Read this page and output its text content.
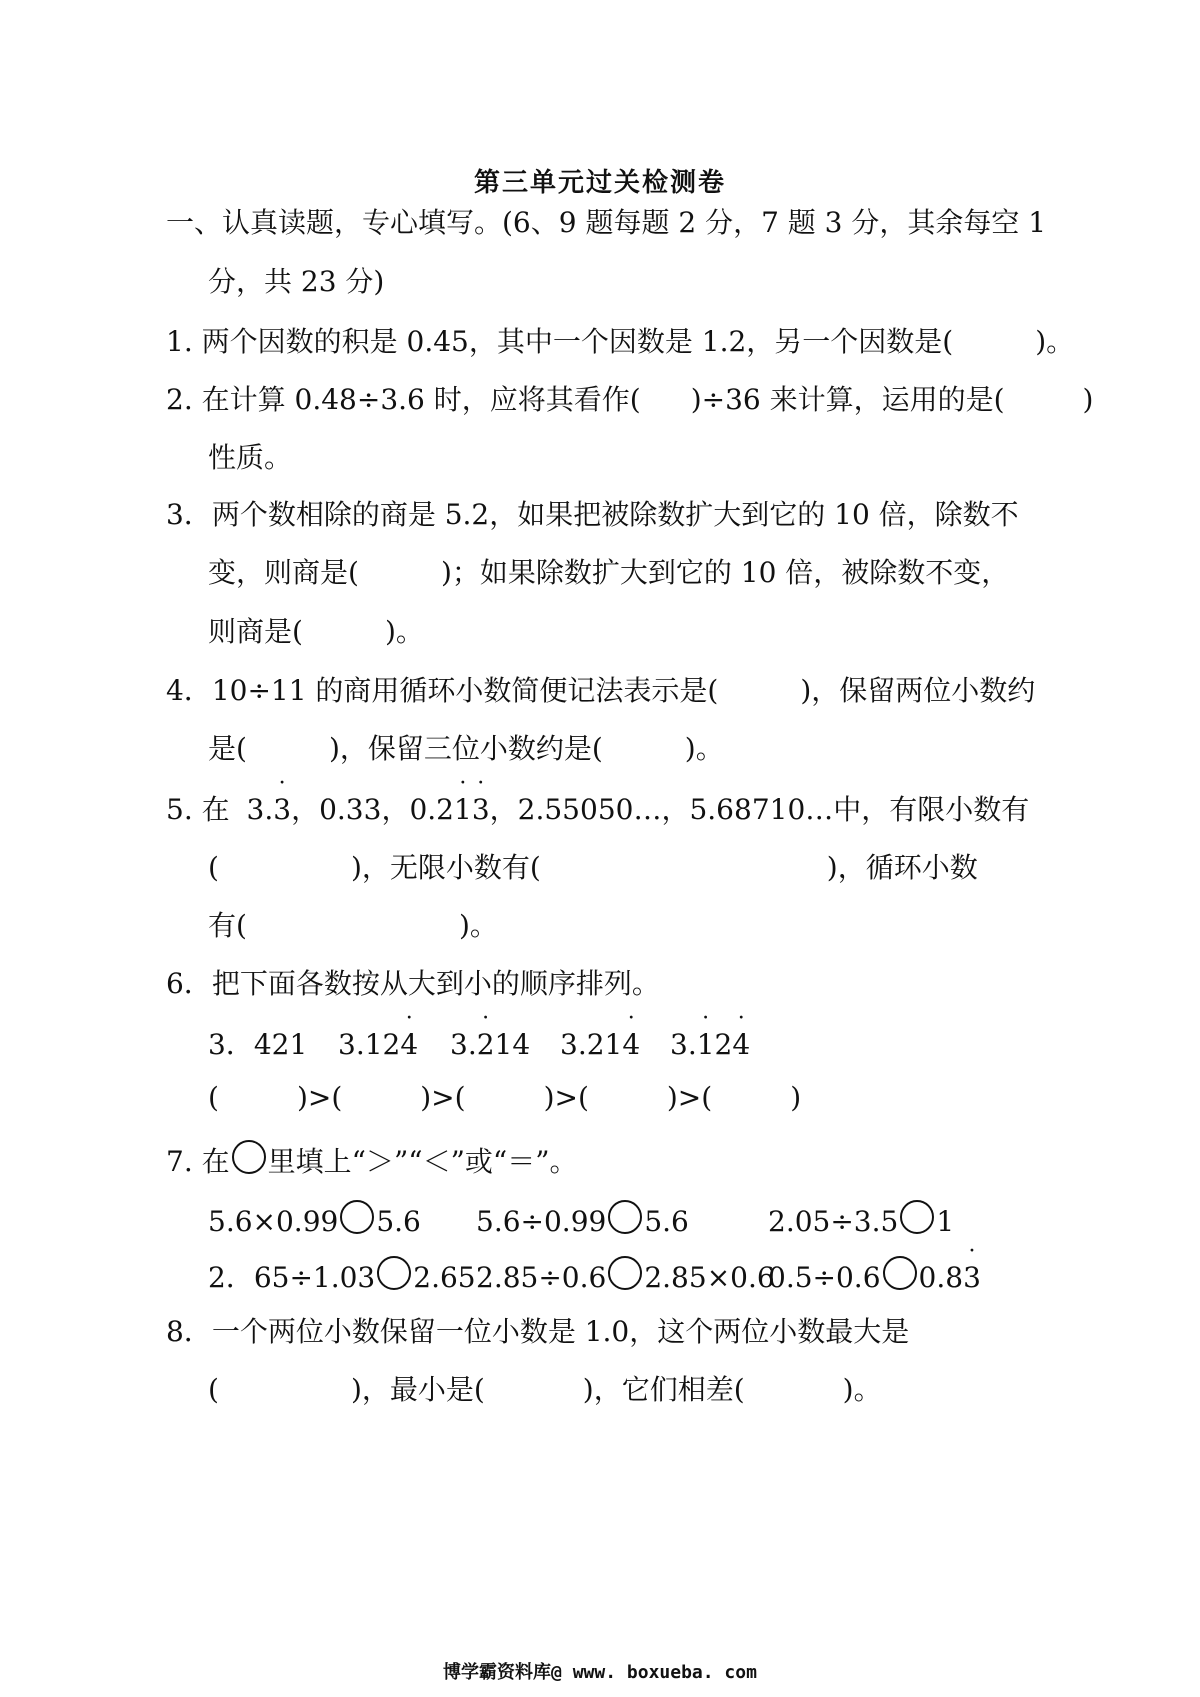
第三单元过关检测卷
一、认真读题，专心填写。(6、9 题每题 2 分，7 题 3 分，其余每空 1
分，共 23 分)
1. 两个因数的积是 0.45，其中一个因数是 1.2，另一个因数是(	)。
2. 在计算 0.48÷3.6 时，应将其看作( )÷36 来计算，运用的是(	)
性质。
3．两个数相除的商是 5.2，如果把被除数扩大到它的 10 倍，除数不
变，则商是(	)；如果除数扩大到它的 10 倍，被除数不变，
则商是(	)。
4．10÷11 的商用循环小数简便记法表示是(	)，保留两位小数约
是(	)，保留三位小数约是(	)。
5. 在 3.· 3，0.33，0.2· 1· 3，2.55050…，5.68710…中，有限小数有
(	)，无限小数有(	)，循环小数
有(	)。
6．把下面各数按从大到小的顺序排列。
3．421 3.12· 4 3.· 214 3.21· 4 3.· 12· 4
(	)>(	)>(	)>(	)>(	)
7. 在 里填上“＞”“＜”或“＝”。
5.6×0.99 5.6 5.6÷0.99 5.6	2.05÷3.5 1
2．65÷1.03 2.652.85÷0.6 2.85×0.60.5÷0.6 0.8· 3
8．一个两位小数保留一位小数是 1.0，这个两位小数最大是
(	)，最小是(	)，它们相差(	)。
博学霸资料库@ www. boxueba. com
